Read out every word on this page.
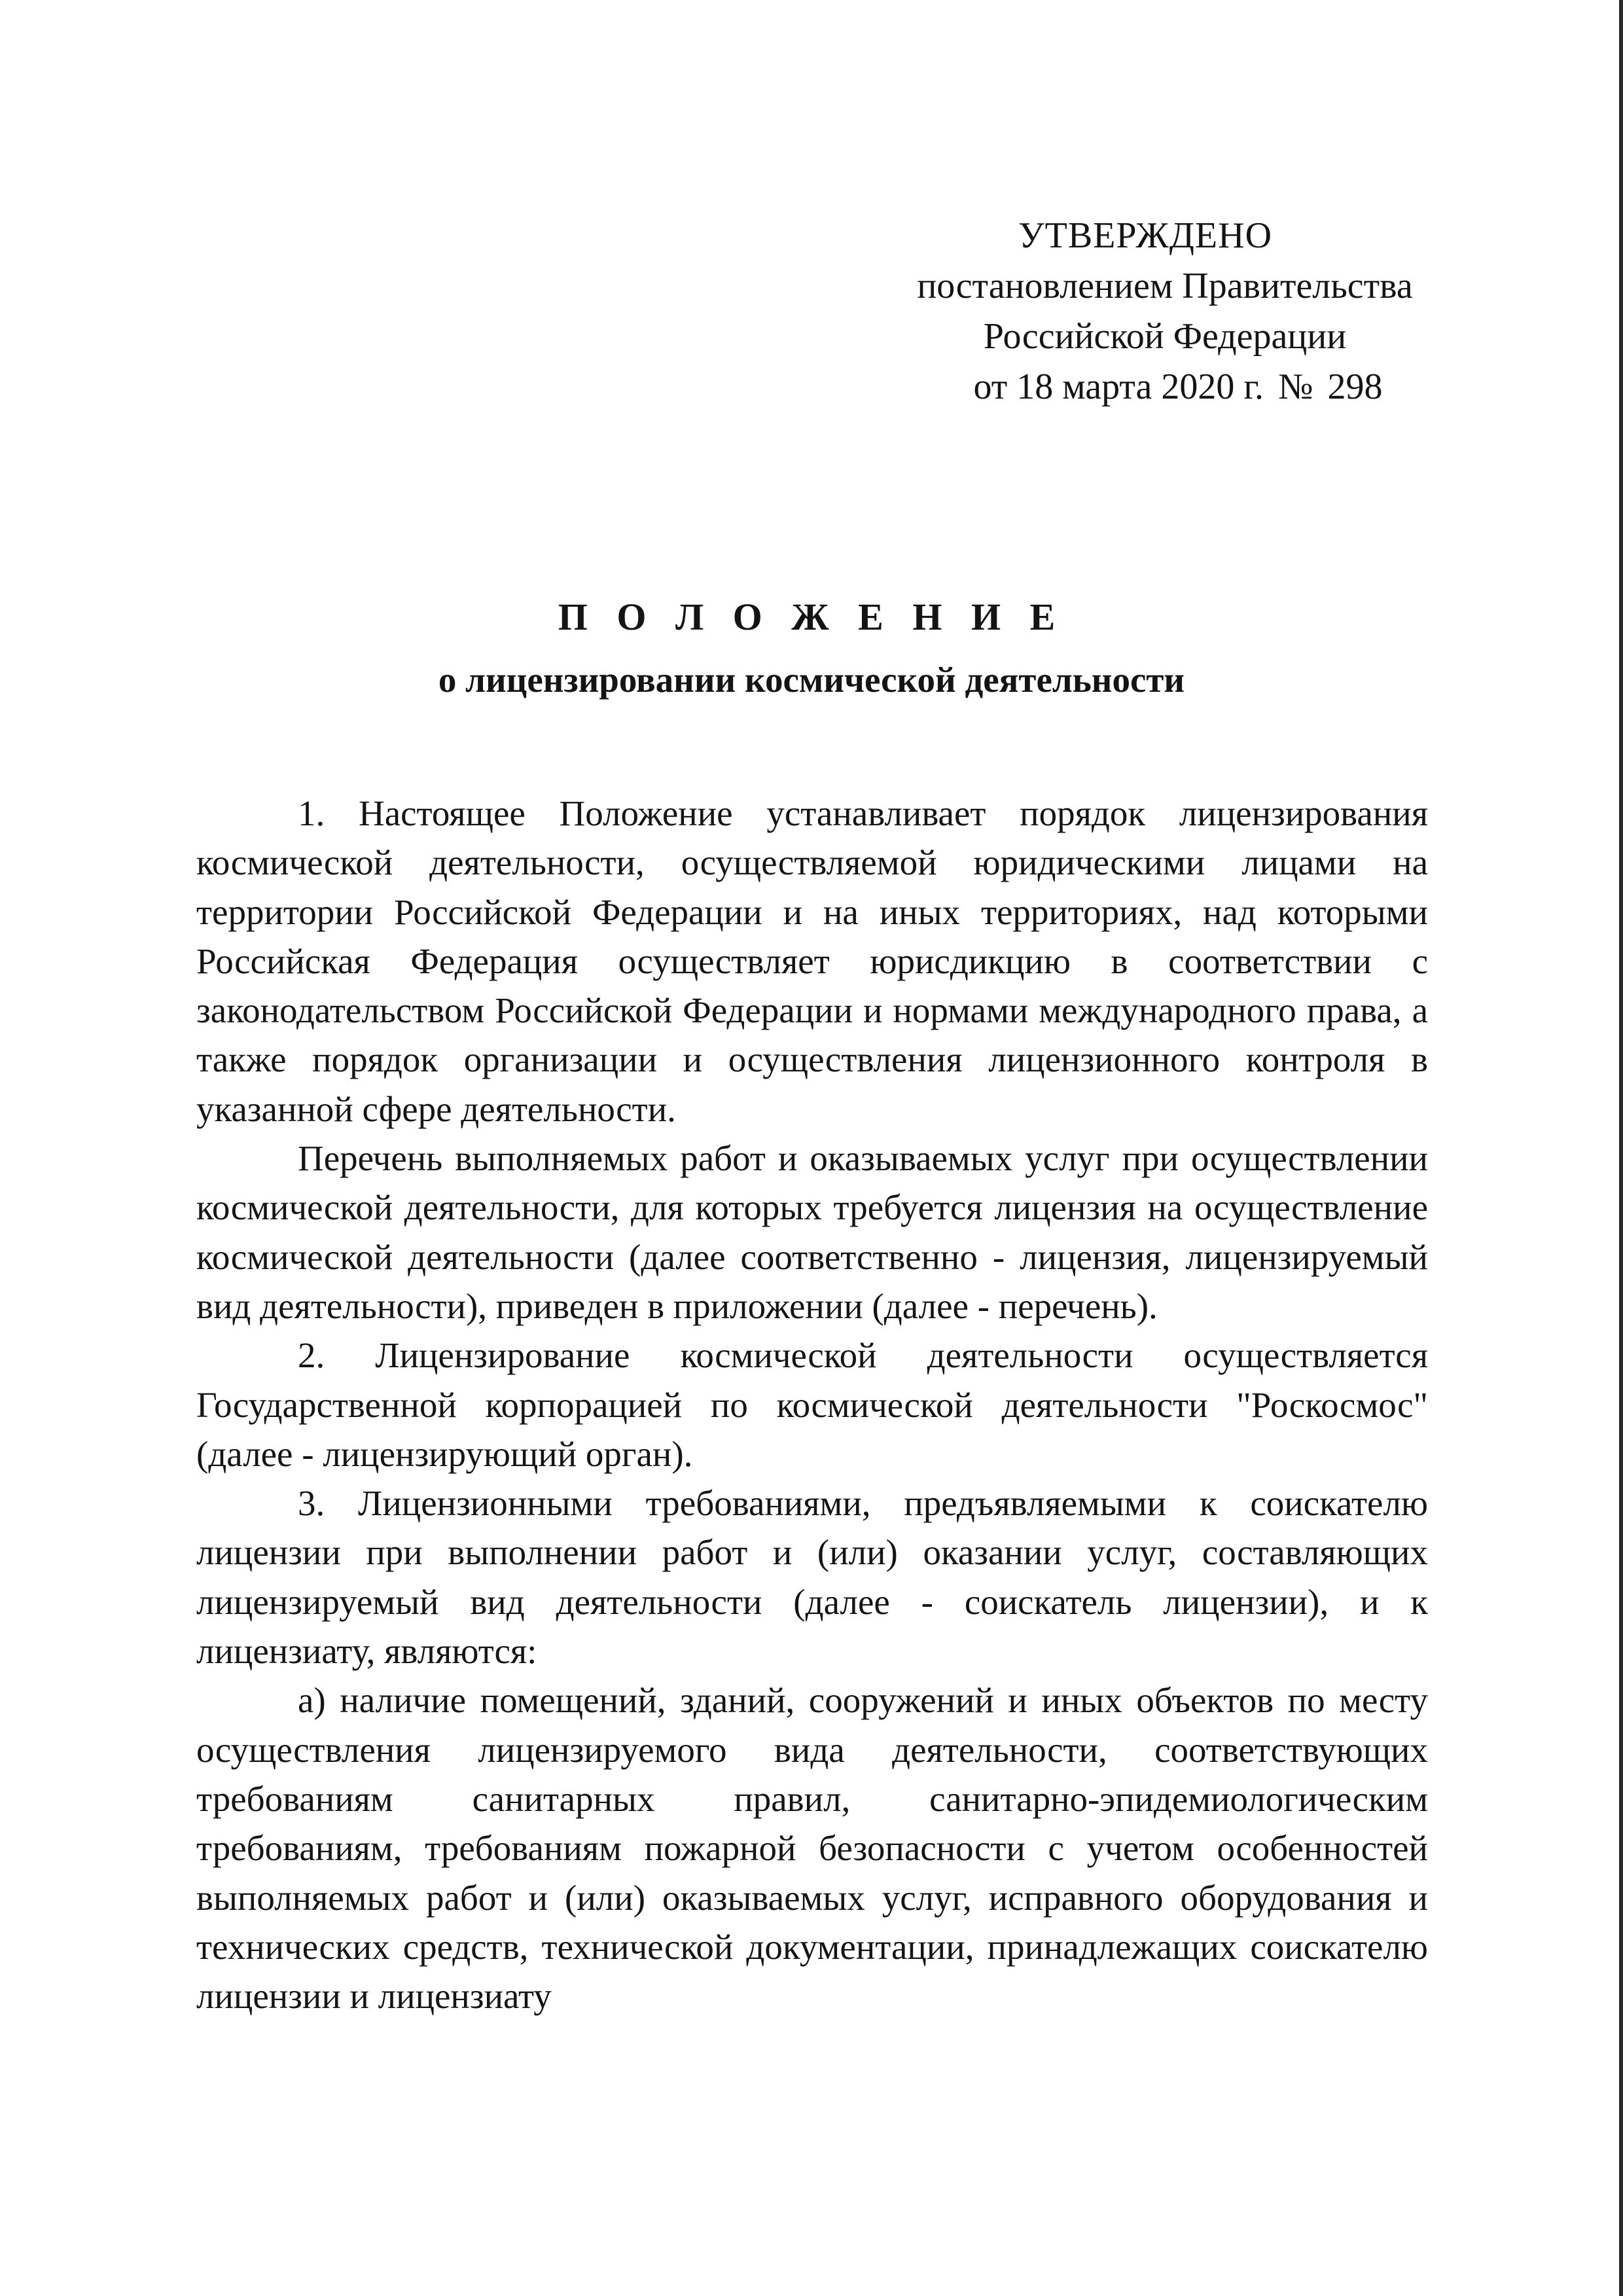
УТВЕРЖДЕНО
постановлением Правительства
Российской Федерации
от 18 марта 2020 г. № 298
П О Л О Ж Е Н И Е
о лицензировании космической деятельности

1. Настоящее Положение устанавливает порядок лицензирования космической деятельности, осуществляемой юридическими лицами на территории Российской Федерации и на иных территориях, над которыми Российская Федерация осуществляет юрисдикцию в соответствии с законодательством Российской Федерации и нормами международного права, а также порядок организации и осуществления лицензионного контроля в указанной сфере деятельности.

Перечень выполняемых работ и оказываемых услуг при осуществлении космической деятельности, для которых требуется лицензия на осуществление космической деятельности (далее соответственно - лицензия, лицензируемый вид деятельности), приведен в приложении (далее - перечень).

2. Лицензирование космической деятельности осуществляется Государственной корпорацией по космической деятельности "Роскосмос" (далее - лицензирующий орган).

3. Лицензионными требованиями, предъявляемыми к соискателю лицензии при выполнении работ и (или) оказании услуг, составляющих лицензируемый вид деятельности (далее - соискатель лицензии), и к лицензиату, являются:

а) наличие помещений, зданий, сооружений и иных объектов по месту осуществления лицензируемого вида деятельности, соответствующих требованиям санитарных правил, санитарно-эпидемиологическим требованиям, требованиям пожарной безопасности с учетом особенностей выполняемых работ и (или) оказываемых услуг, исправного оборудования и технических средств, технической документации, принадлежащих соискателю лицензии и лицензиату
